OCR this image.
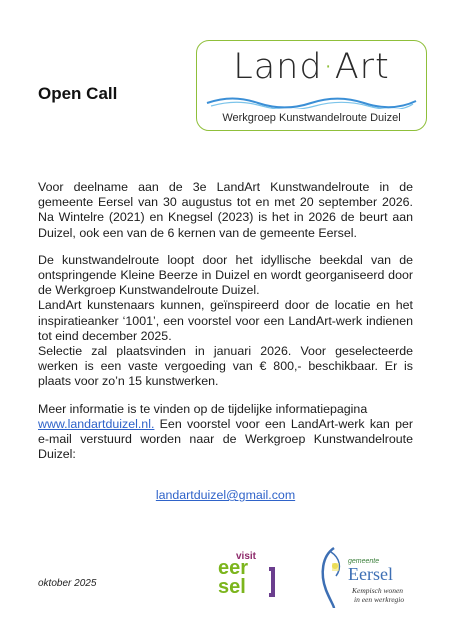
Open Call
Land·Art
Werkgroep Kunstwandelroute Duizel

Voor deelname aan de 3e LandArt Kunstwandelroute in de gemeente Eersel van 30 augustus tot en met 20 september 2026. Na Wintelre (2021) en Knegsel (2023) is het in 2026 de beurt aan Duizel, ook een van de 6 kernen van de gemeente Eersel.

De kunstwandelroute loopt door het idyllische beekdal van de ontspringende Kleine Beerze in Duizel en wordt georganiseerd door de Werkgroep Kunstwandelroute Duizel.

LandArt kunstenaars kunnen, geïnspireerd door de locatie en het inspiratieanker ‘1001’, een voorstel voor een LandArt-werk indienen tot eind december 2025.

Selectie zal plaatsvinden in januari 2026. Voor geselecteerde werken is een vaste vergoeding van € 800,- beschikbaar. Er is plaats voor zo’n 15 kunstwerken.

Meer informatie is te vinden op de tijdelijke informatiepagina
www.landartduizel.nl. Een voorstel voor een LandArt-werk kan per e-mail verstuurd worden naar de Werkgroep Kunstwandelroute Duizel:

landartduizel@gmail.com
oktober 2025
visit
eer
sel
gemeente
Eersel
Kempisch wonen
in een werkregio
